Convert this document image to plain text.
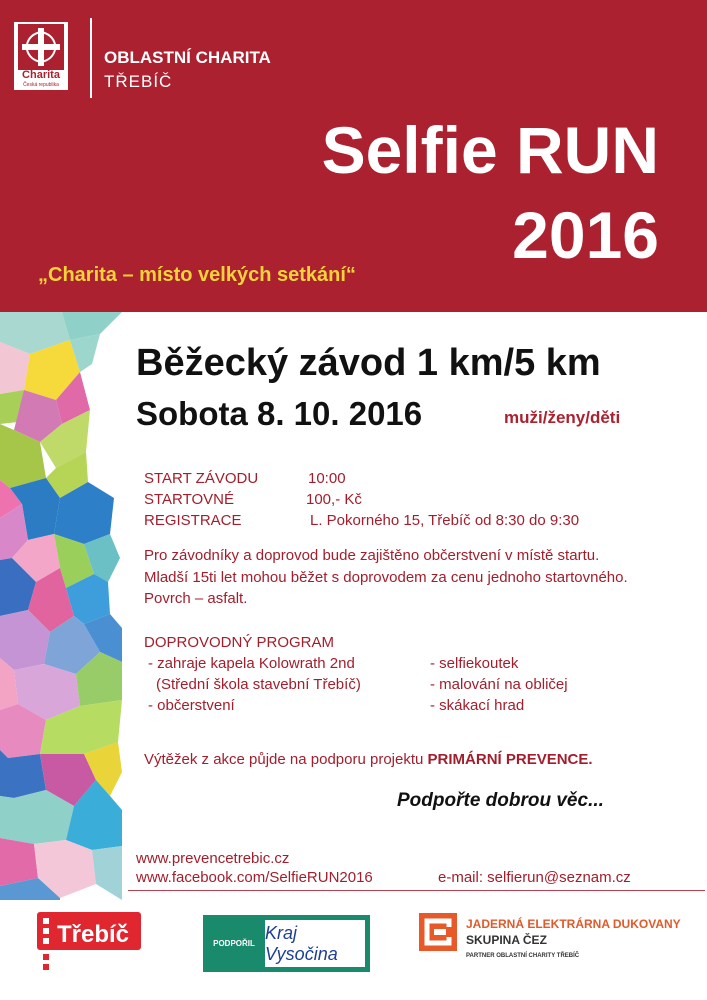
Charita
Česká republika
OBLASTNÍ CHARITA
TŘEBÍČ
Selfie RUN
2016
„Charita – místo velkých setkání“
Běžecký závod 1 km/5 km
Sobota 8. 10. 2016	muži/ženy/děti
START ZÁVODU	10:00
STARTOVNÉ	100,- Kč
REGISTRACE	L. Pokorného 15, Třebíč od 8:30 do 9:30
Pro závodníky a doprovod bude zajištěno občerstvení v místě startu.
Mladší 15ti let mohou běžet s doprovodem za cenu jednoho startovného.
Povrch – asfalt.
DOPROVODNÝ PROGRAM
- zahraje kapela Kolowrath 2nd
(Střední škola stavební Třebíč)
- občerstvení
- selfiekoutek
- malování na obličej
- skákací hrad
Výtěžek z akce půjde na podporu projektu PRIMÁRNÍ PREVENCE.
Podpořte dobrou věc...
www.prevencetrebic.cz
www.facebook.com/SelfieRUN2016	e-mail: selfierun@seznam.cz
Třebíč	PODPOŘIL
Kraj Vysočina
JADERNÁ ELEKTRÁRNA DUKOVANY
SKUPINA ČEZ
PARTNER OBLASTNÍ CHARITY TŘEBÍČ
